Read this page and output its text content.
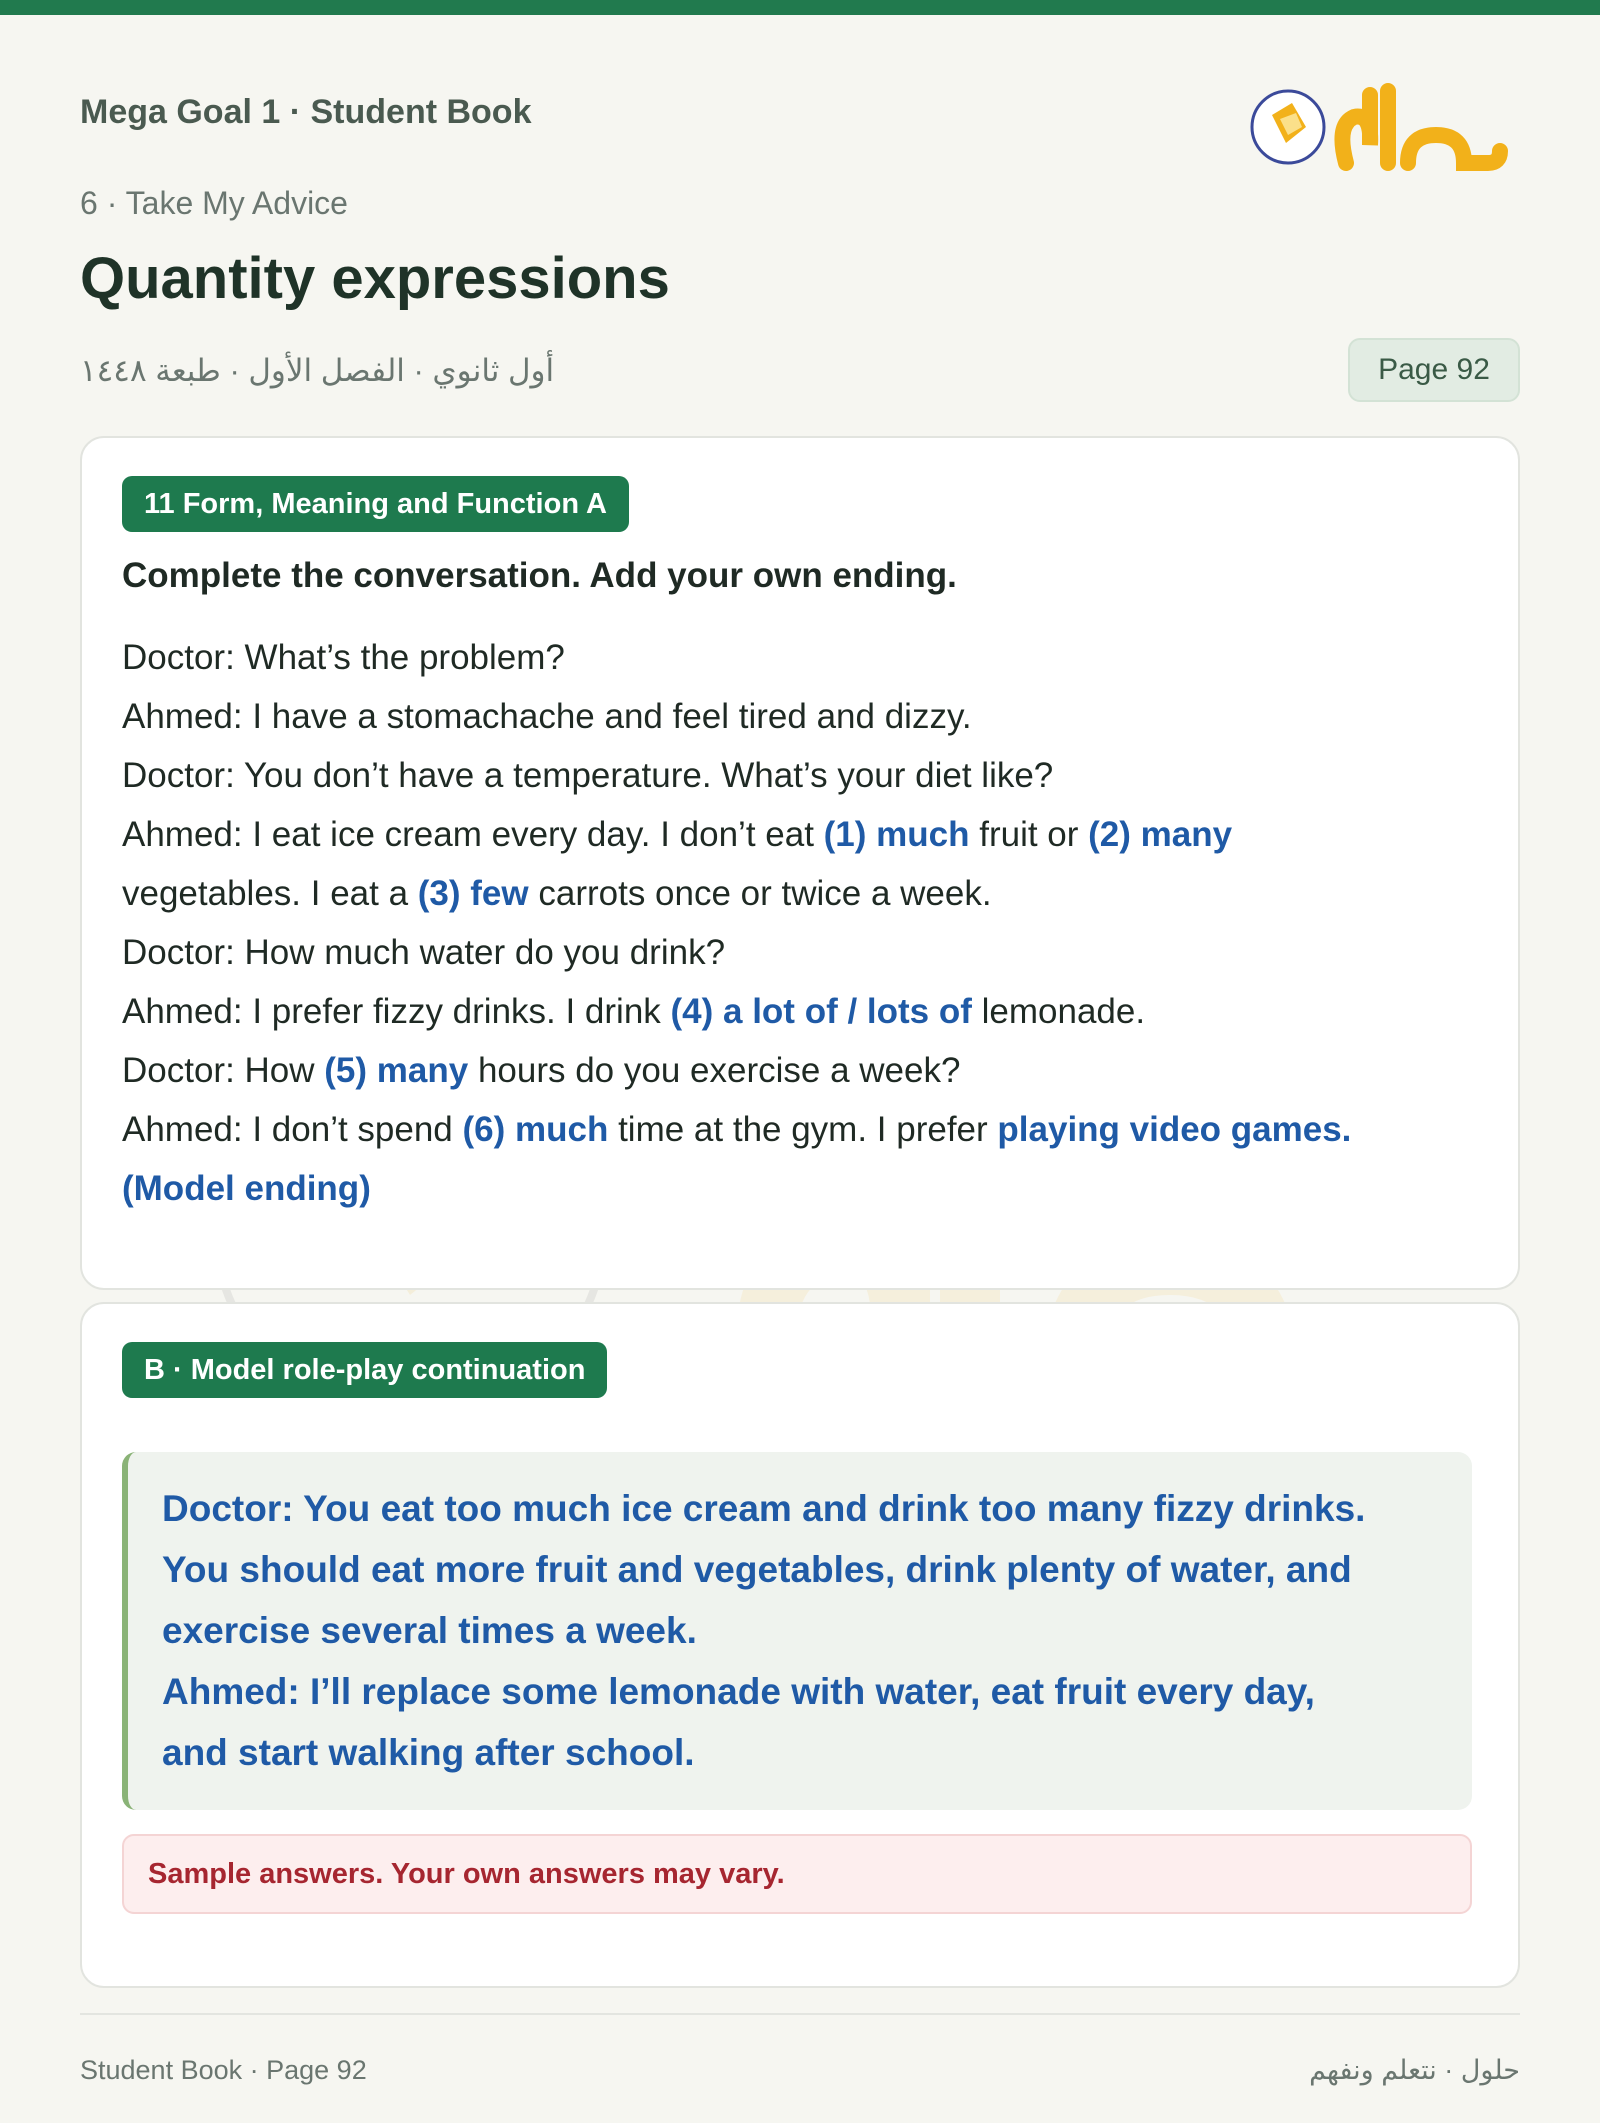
Mega Goal 1 · Student Book
6 · Take My Advice
Quantity expressions
أول ثانوي · الفصل الأول · طبعة ١٤٤٨	Page 92
11 Form, Meaning and Function A
Complete the conversation. Add your own ending.
Doctor: What’s the problem?
Ahmed: I have a stomachache and feel tired and dizzy.
Doctor: You don’t have a temperature. What’s your diet like?
Ahmed: I eat ice cream every day. I don’t eat (1) much fruit or (2) many
vegetables. I eat a (3) few carrots once or twice a week.
Doctor: How much water do you drink?
Ahmed: I prefer fizzy drinks. I drink (4) a lot of / lots of lemonade.
Doctor: How (5) many hours do you exercise a week?
Ahmed: I don’t spend (6) much time at the gym. I prefer playing video games.
(Model ending)
B · Model role-play continuation
Doctor: You eat too much ice cream and drink too many fizzy drinks.
You should eat more fruit and vegetables, drink plenty of water, and
exercise several times a week.
Ahmed: I’ll replace some lemonade with water, eat fruit every day,
and start walking after school.
Sample answers. Your own answers may vary.
Student Book · Page 92	حلول · نتعلم ونفهم
